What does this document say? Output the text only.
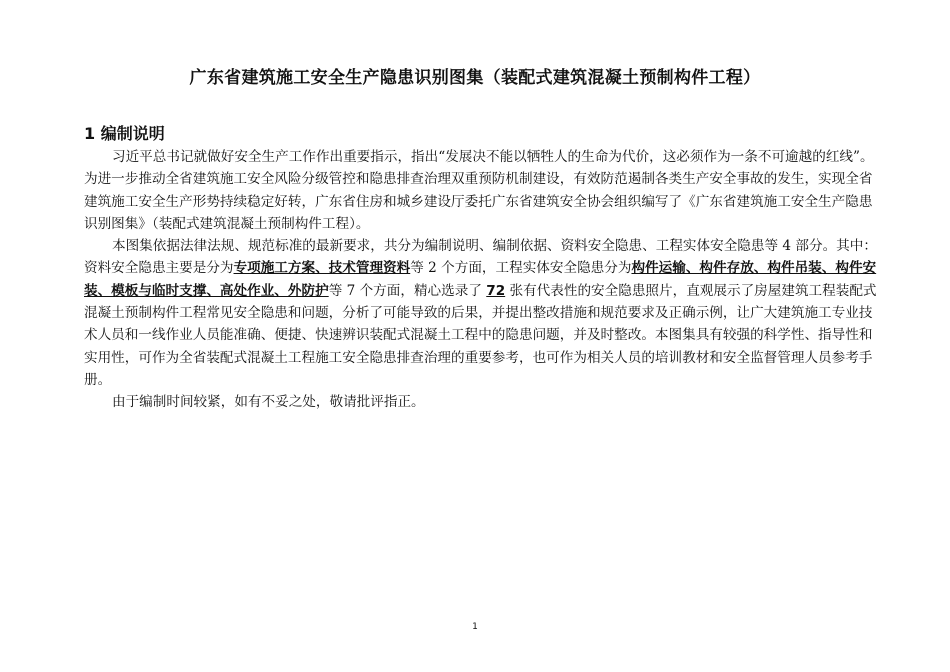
广东省建筑施工安全生产隐患识别图集（装配式建筑混凝土预制构件工程）
1 编制说明
习近平总书记就做好安全生产工作作出重要指示，指出“发展决不能以牺牲人的生命为代价，这必须作为一条不可逾越的红线”。
为进一步推动全省建筑施工安全风险分级管控和隐患排查治理双重预防机制建设，有效防范遏制各类生产安全事故的发生，实现全省
建筑施工安全生产形势持续稳定好转，广东省住房和城乡建设厅委托广东省建筑安全协会组织编写了《广东省建筑施工安全生产隐患
识别图集》（装配式建筑混凝土预制构件工程）。
本图集依据法律法规、规范标准的最新要求，共分为编制说明、编制依据、资料安全隐患、工程实体安全隐患等 4 部分。其中：
资料安全隐患主要是分为专项施工方案、技术管理资料等 2 个方面，工程实体安全隐患分为构件运输、构件存放、构件吊装、构件安
装、模板与临时支撑、高处作业、外防护等 7 个方面，精心选录了 72 张有代表性的安全隐患照片，直观展示了房屋建筑工程装配式
混凝土预制构件工程常见安全隐患和问题，分析了可能导致的后果，并提出整改措施和规范要求及正确示例，让广大建筑施工专业技
术人员和一线作业人员能准确、便捷、快速辨识装配式混凝土工程中的隐患问题，并及时整改。本图集具有较强的科学性、指导性和
实用性，可作为全省装配式混凝土工程施工安全隐患排查治理的重要参考，也可作为相关人员的培训教材和安全监督管理人员参考手
册。
由于编制时间较紧，如有不妥之处，敬请批评指正。
1
